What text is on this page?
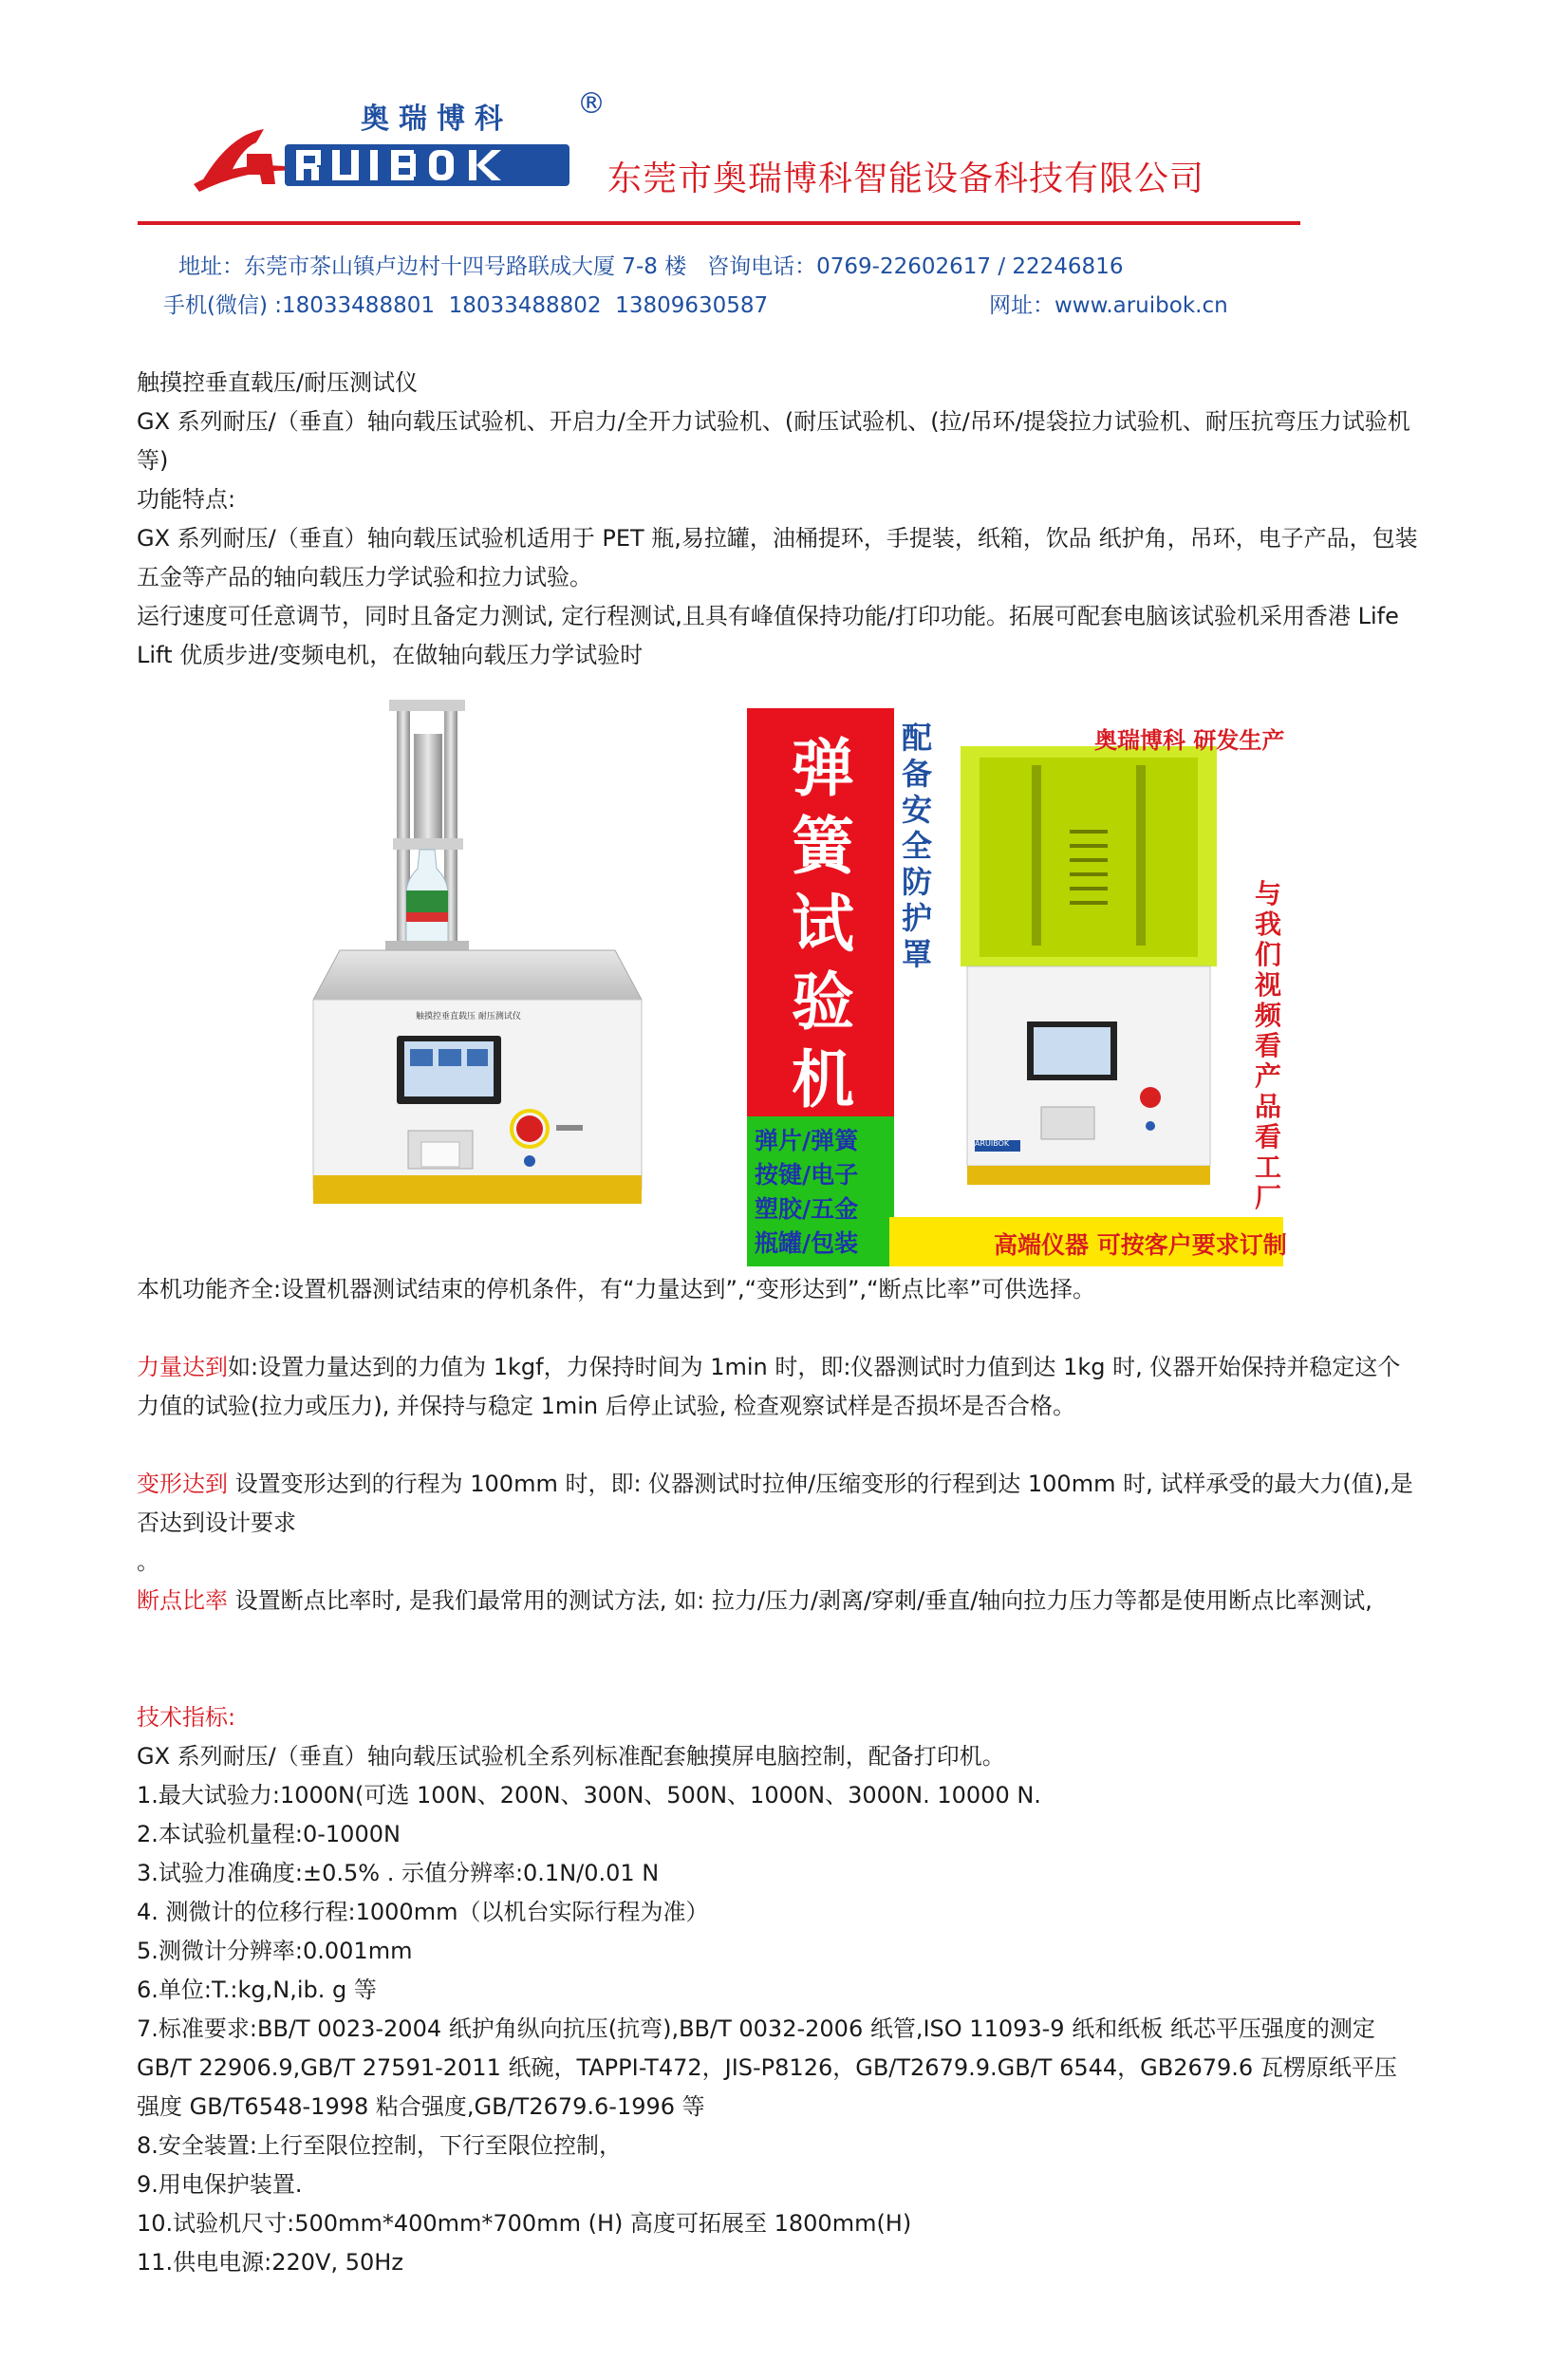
奥瑞博科 ®
东莞市奥瑞博科智能设备科技有限公司
地址：东莞市茶山镇卢边村十四号路联成大厦 7-8 楼   咨询电话：0769-22602617 / 22246816
手机(微信) :18033488801  18033488802  13809630587	网址：www.aruibok.cn
触摸控垂直载压/耐压测试仪
GX 系列耐压/（垂直）轴向载压试验机、开启力/全开力试验机、(耐压试验机、(拉/吊环/提袋拉力试验机、耐压抗弯压力试验机等)
功能特点:
GX 系列耐压/（垂直）轴向载压试验机适用于 PET 瓶,易拉罐，油桶提环，手提装，纸箱，饮品 纸护角，吊环，电子产品，包装五金等产品的轴向载压力学试验和拉力试验。
运行速度可任意调节，同时且备定力测试, 定行程测试,且具有峰值保持功能/打印功能。拓展可配套电脑该试验机采用香港 Life Lift 优质步进/变频电机，在做轴向载压力学试验时
触摸控垂直载压 耐压测试仪
弹簧试验机
配备安全防护罩
奥瑞博科 研发生产
与我们视频看产品看工厂
弹片/弹簧
按键/电子
塑胶/五金
瓶罐/包装	高端仪器 可按客户要求订制
ARUIBOK
本机功能齐全:设置机器测试结束的停机条件，有“力量达到”,“变形达到”,“断点比率”可供选择。
力量达到如:设置力量达到的力值为 1kgf，力保持时间为 1min 时，即:仪器测试时力值到达 1kg 时, 仪器开始保持并稳定这个力值的试验(拉力或压力), 并保持与稳定 1min 后停止试验, 检查观察试样是否损坏是否合格。
变形达到 设置变形达到的行程为 100mm 时，即: 仪器测试时拉伸/压缩变形的行程到达 100mm 时, 试样承受的最大力(值),是否达到设计要求
。
断点比率 设置断点比率时, 是我们最常用的测试方法, 如: 拉力/压力/剥离/穿刺/垂直/轴向拉力压力等都是使用断点比率测试,
技术指标:
GX 系列耐压/（垂直）轴向载压试验机全系列标准配套触摸屏电脑控制，配备打印机。
1.最大试验力:1000N(可选 100N、200N、300N、500N、1000N、3000N. 10000 N.
2.本试验机量程:0-1000N
3.试验力准确度:±0.5% . 示值分辨率:0.1N/0.01 N
4. 测微计的位移行程:1000mm（以机台实际行程为准）
5.测微计分辨率:0.001mm
6.单位:T.:kg,N,ib. g 等
7.标准要求:BB/T 0023-2004 纸护角纵向抗压(抗弯),BB/T 0032-2006 纸管,ISO 11093-9 纸和纸板 纸芯平压强度的测定 GB/T 22906.9,GB/T 27591-2011 纸碗，TAPPI-T472，JIS-P8126，GB/T2679.9.GB/T 6544，GB2679.6 瓦楞原纸平压强度 GB/T6548-1998 粘合强度,GB/T2679.6-1996 等
8.安全装置:上行至限位控制，下行至限位控制，
9.用电保护装置.
10.试验机尺寸:500mm*400mm*700mm (H) 高度可拓展至 1800mm(H)
11.供电电源:220V, 50Hz
